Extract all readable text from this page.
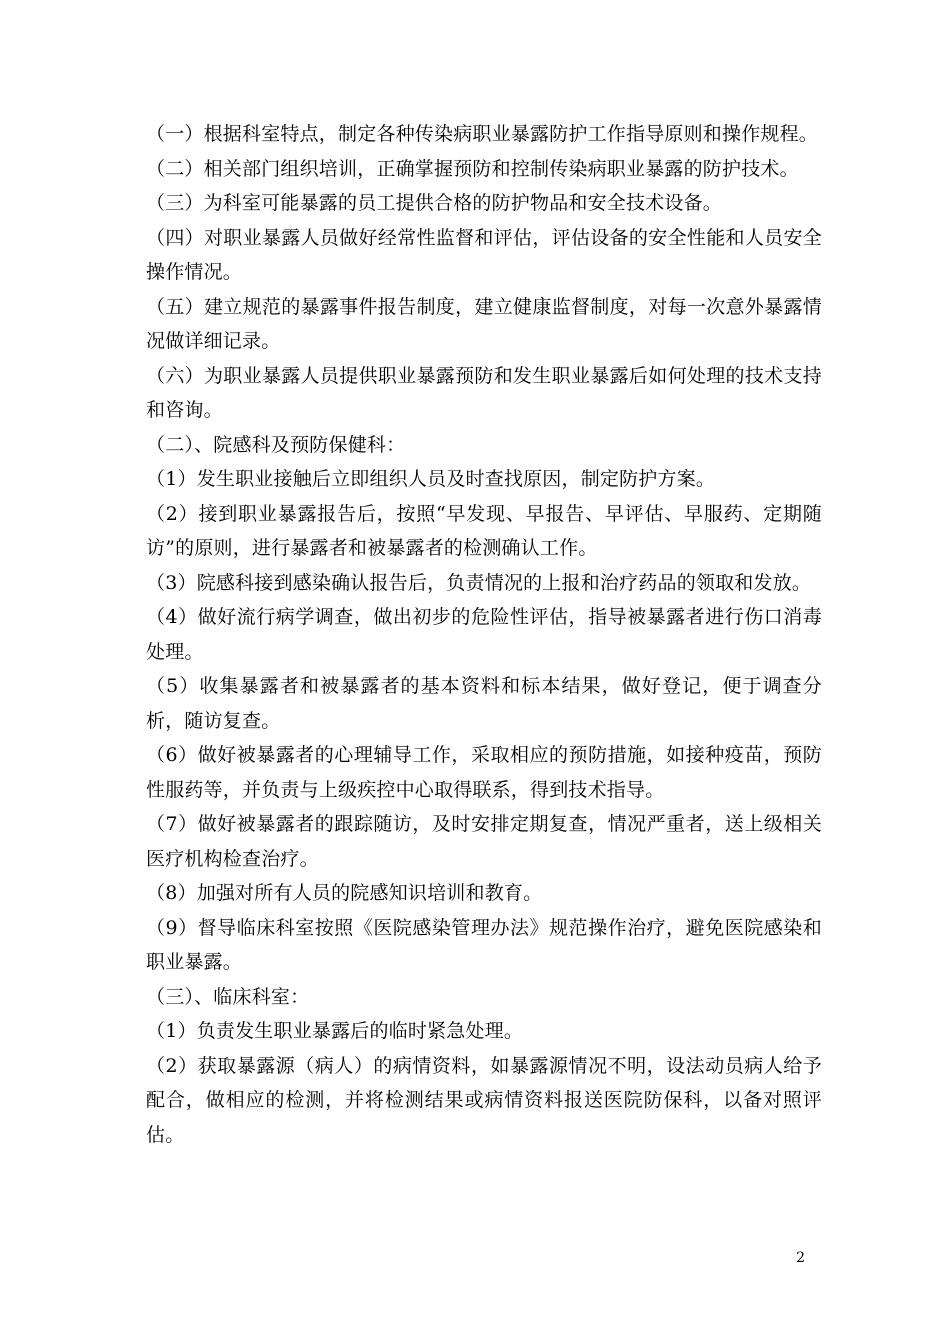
（一）根据科室特点，制定各种传染病职业暴露防护工作指导原则和操作规程。

（二）相关部门组织培训，正确掌握预防和控制传染病职业暴露的防护技术。

（三）为科室可能暴露的员工提供合格的防护物品和安全技术设备。

（四）对职业暴露人员做好经常性监督和评估，评估设备的安全性能和人员安全操作情况。

（五）建立规范的暴露事件报告制度，建立健康监督制度，对每一次意外暴露情况做详细记录。

（六）为职业暴露人员提供职业暴露预防和发生职业暴露后如何处理的技术支持和咨询。

（二）、院感科及预防保健科：

（1）发生职业接触后立即组织人员及时查找原因，制定防护方案。

（2）接到职业暴露报告后，按照“早发现、早报告、早评估、早服药、定期随访”的原则，进行暴露者和被暴露者的检测确认工作。

（3）院感科接到感染确认报告后，负责情况的上报和治疗药品的领取和发放。

（4）做好流行病学调查，做出初步的危险性评估，指导被暴露者进行伤口消毒处理。

（5）收集暴露者和被暴露者的基本资料和标本结果，做好登记，便于调查分析，随访复查。

（6）做好被暴露者的心理辅导工作，采取相应的预防措施，如接种疫苗，预防性服药等，并负责与上级疾控中心取得联系，得到技术指导。

（7）做好被暴露者的跟踪随访，及时安排定期复查，情况严重者，送上级相关医疗机构检查治疗。

（8）加强对所有人员的院感知识培训和教育。

（9）督导临床科室按照《医院感染管理办法》规范操作治疗，避免医院感染和职业暴露。

（三）、临床科室：

（1）负责发生职业暴露后的临时紧急处理。

（2）获取暴露源（病人）的病情资料，如暴露源情况不明，设法动员病人给予配合，做相应的检测，并将检测结果或病情资料报送医院防保科，以备对照评估。

2
